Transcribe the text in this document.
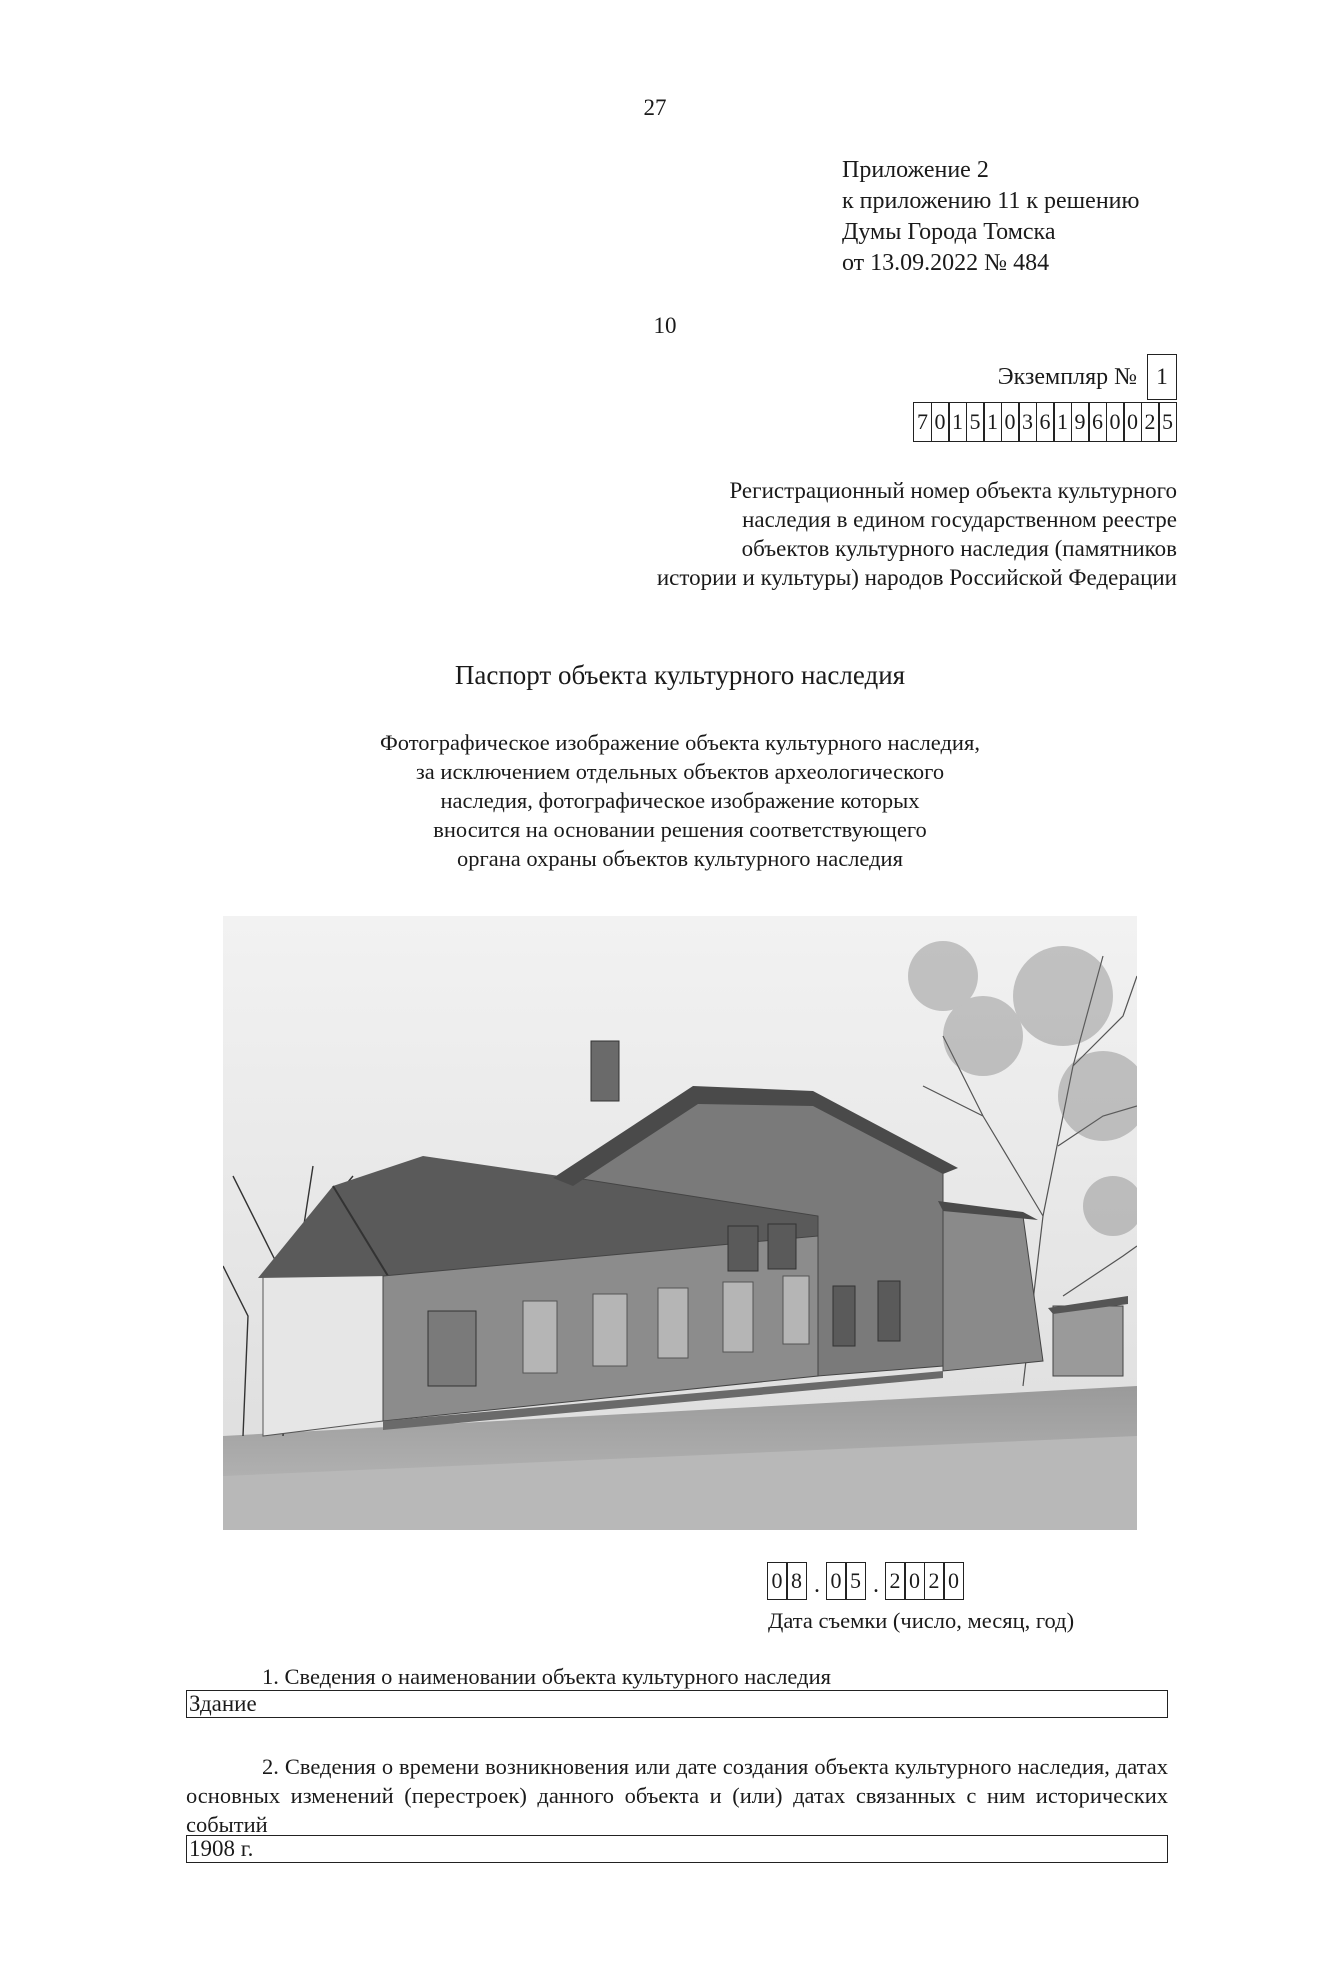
27
Приложение 2
к приложению 11 к решению
Думы Города Томска
от 13.09.2022 № 484
10
Экземпляр № 1
7 0 1 5 1 0 3 6 1 9 6 0 0 2 5
Регистрационный номер объекта культурного
наследия в едином государственном реестре
объектов культурного наследия (памятников
истории и культуры) народов Российской Федерации
Паспорт объекта культурного наследия
Фотографическое изображение объекта культурного наследия,
за исключением отдельных объектов археологического
наследия, фотографическое изображение которых
вносится на основании решения соответствующего
органа охраны объектов культурного наследия
0 8 . 0 5 . 2 0 2 0
Дата съемки (число, месяц, год)
1. Сведения о наименовании объекта культурного наследия
Здание
2. Сведения о времени возникновения или дате создания объекта культурного наследия, датах основных изменений (перестроек) данного объекта и (или) датах связанных с ним исторических событий
1908 г.
